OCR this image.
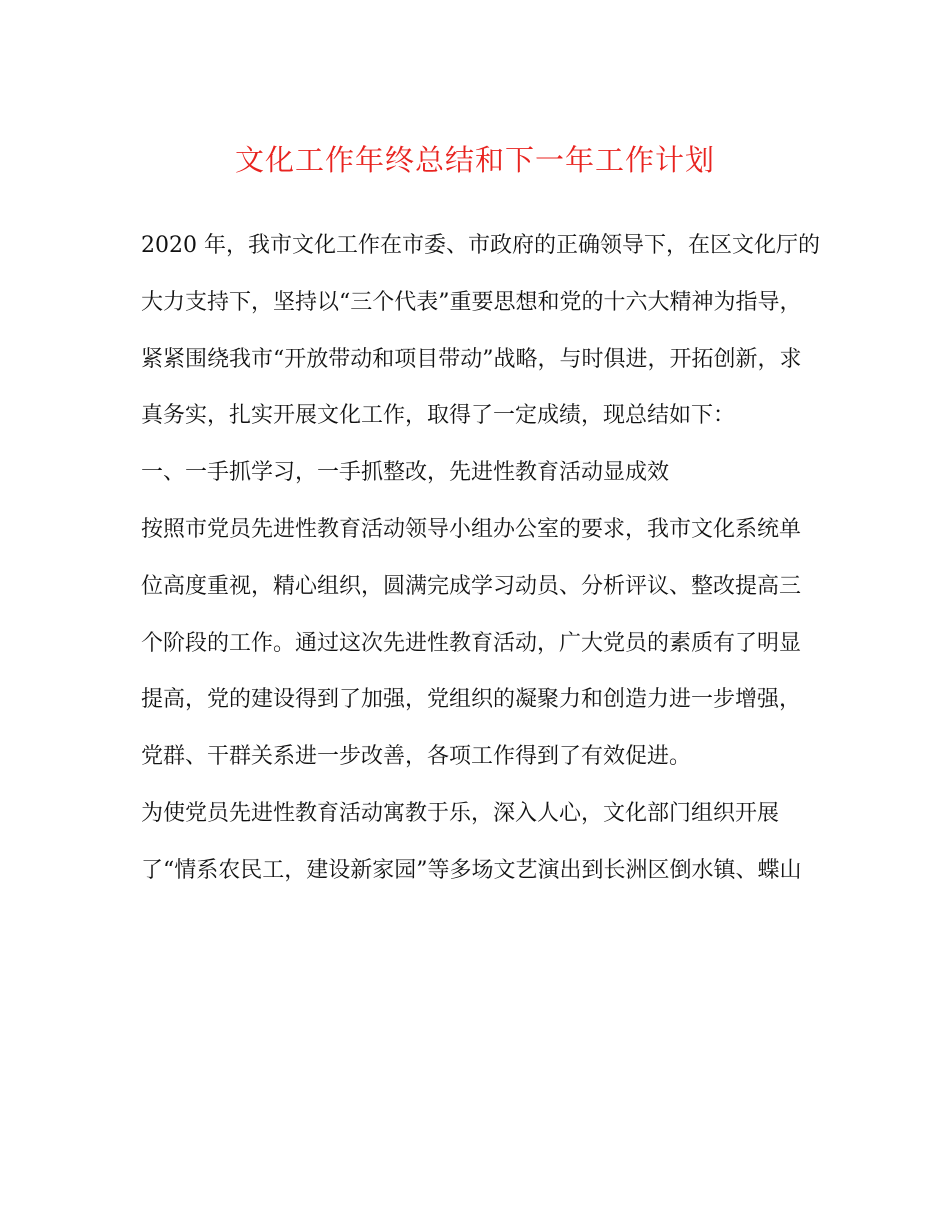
文化工作年终总结和下一年工作计划
2020 年，我市文化工作在市委、市政府的正确领导下，在区文化厅的
大力支持下，坚持以“三个代表”重要思想和党的十六大精神为指导，
紧紧围绕我市“开放带动和项目带动”战略，与时俱进，开拓创新，求
真务实，扎实开展文化工作，取得了一定成绩，现总结如下：
一、一手抓学习，一手抓整改，先进性教育活动显成效
按照市党员先进性教育活动领导小组办公室的要求，我市文化系统单
位高度重视，精心组织，圆满完成学习动员、分析评议、整改提高三
个阶段的工作。通过这次先进性教育活动，广大党员的素质有了明显
提高，党的建设得到了加强，党组织的凝聚力和创造力进一步增强，
党群、干群关系进一步改善，各项工作得到了有效促进。
为使党员先进性教育活动寓教于乐，深入人心，文化部门组织开展
了“情系农民工，建设新家园”等多场文艺演出到长洲区倒水镇、蝶山
